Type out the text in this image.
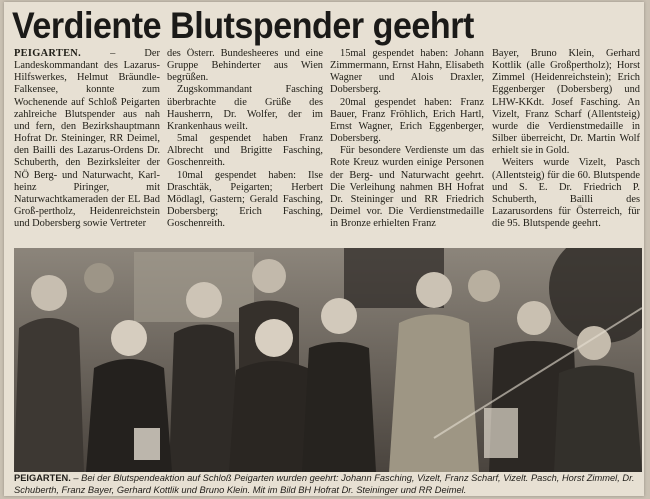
Verdiente Blutspender geehrt

PEIGARTEN. – Der Landeskommandant des Lazarus-Hilfswerkes, Helmut Bräundle-Falkensee, konnte zum Wochenende auf Schloß Peigarten zahlreiche Blutspender aus nah und fern, den Bezirkshauptmann Hofrat Dr. Steininger, RR Deimel, den Bailli des Lazarus-Ordens Dr. Schuberth, den Bezirksleiter der NÖ Berg- und Naturwacht, Karl-heinz Piringer, mit Naturwachtkameraden der EL Bad Groß-pertholz, Heidenreichstein und Dobersberg sowie Vertreter

des Österr. Bundesheeres und eine Gruppe Behinderter aus Wien begrüßen.

Zugskommandant Fasching überbrachte die Grüße des Hausherrn, Dr. Wolfer, der im Krankenhaus weilt.

5mal gespendet haben Franz Albrecht und Brigitte Fasching, Goschenreith.

10mal gespendet haben: Ilse Draschtäk, Peigarten; Herbert Mödlagl, Gastern; Gerald Fasching, Dobersberg; Erich Fasching, Goschenreith.

15mal gespendet haben: Johann Zimmermann, Ernst Hahn, Elisabeth Wagner und Alois Draxler, Dobersberg.

20mal gespendet haben: Franz Bauer, Franz Fröhlich, Erich Hartl, Ernst Wagner, Erich Eggenberger, Dobersberg.

Für besondere Verdienste um das Rote Kreuz wurden einige Personen der Berg- und Naturwacht geehrt. Die Verleihung nahmen BH Hofrat Dr. Steininger und RR Friedrich Deimel vor. Die Verdienstmedaille in Bronze erhielten Franz

Bayer, Bruno Klein, Gerhard Kottlik (alle Großpertholz); Horst Zimmel (Heidenreichstein); Erich Eggenberger (Dobersberg) und LHW-KKdt. Josef Fasching. An Vizelt, Franz Scharf (Allentsteig) wurde die Verdienstmedaille in Silber überreicht, Dr. Martin Wolf erhielt sie in Gold.

Weiters wurde Vizelt, Pasch (Allentsteig) für die 60. Blutspende und S. E. Dr. Friedrich P. Schuberth, Bailli des Lazarusordens für Österreich, für die 95. Blutspende geehrt.

PEIGARTEN. – Bei der Blutspendeaktion auf Schloß Peigarten wurden geehrt: Johann Fasching, Vizelt, Franz Scharf, Vizelt. Pasch, Horst Zimmel, Dr. Schuberth, Franz Bayer, Gerhard Kottlik und Bruno Klein. Mit im Bild BH Hofrat Dr. Steininger und RR Deimel.
